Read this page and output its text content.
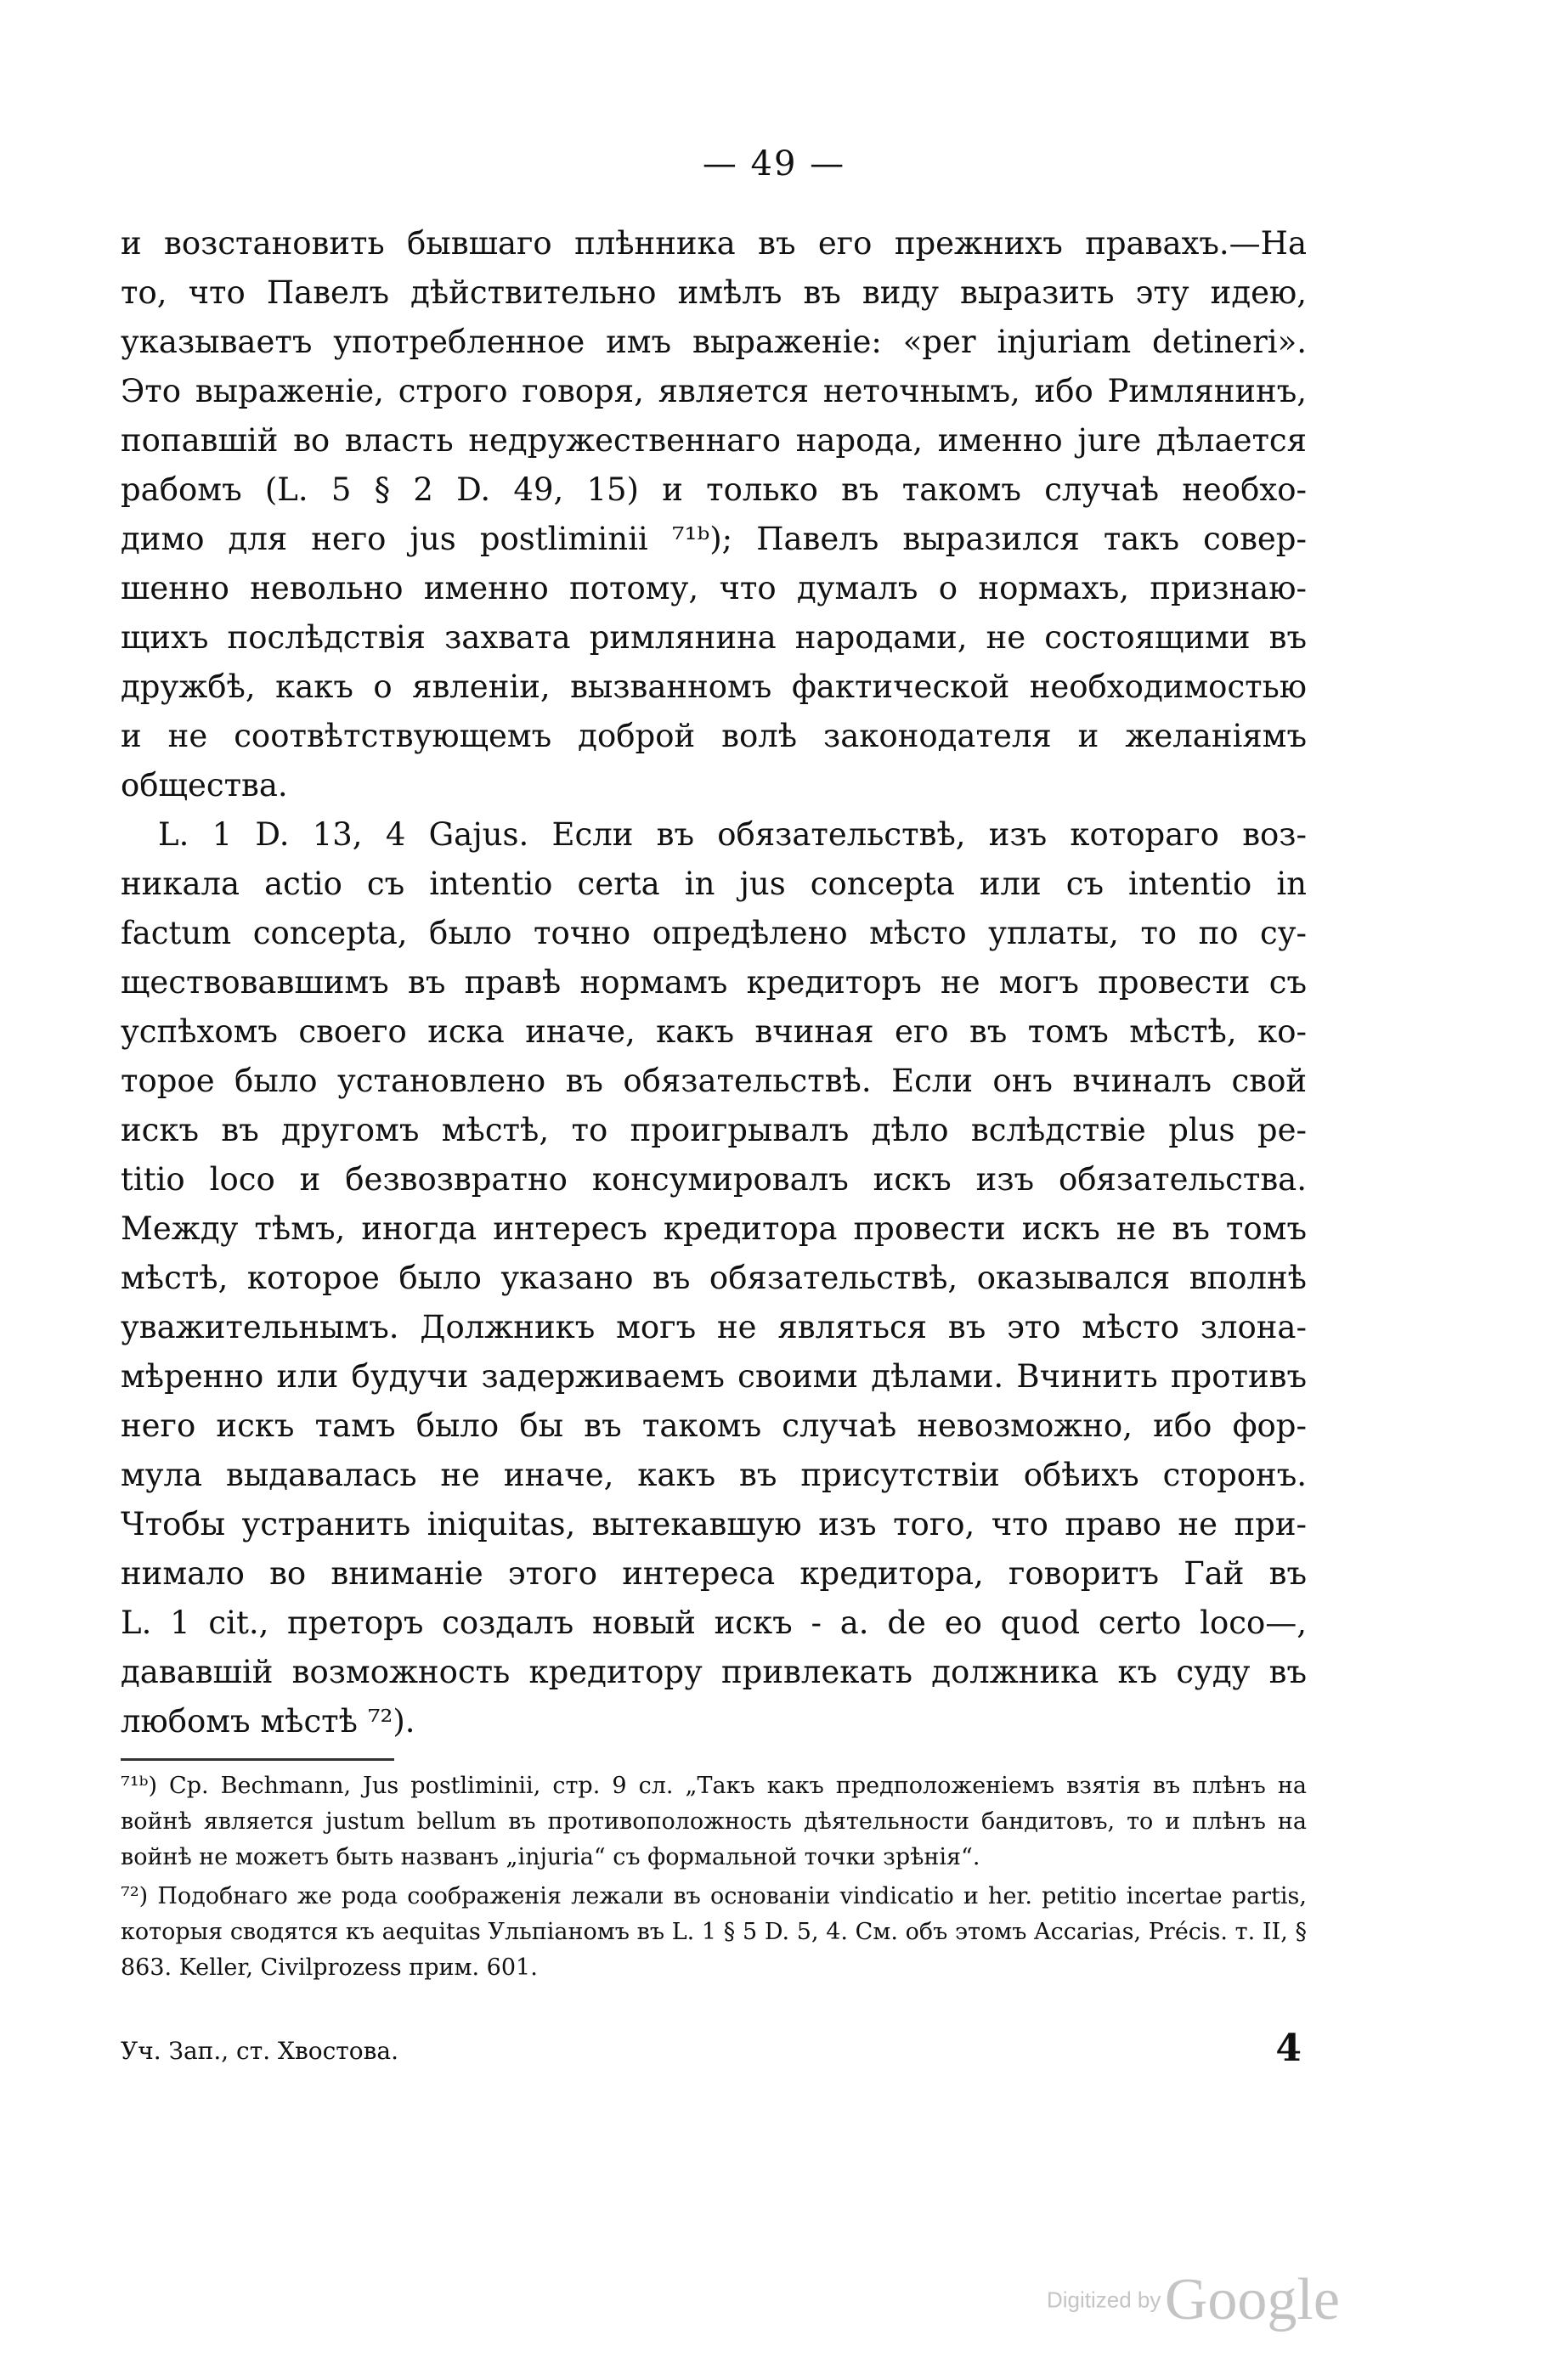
— 49 —
и возстановить бывшаго плѣнника въ его прежнихъ правахъ.—На
то, что Павелъ дѣйствительно имѣлъ въ виду выразить эту идею,
указываетъ употребленное имъ выраженіе: «per injuriam detineri».
Это выраженіе, строго говоря, является неточнымъ, ибо Римлянинъ,
попавшій во власть недружественнаго народа, именно jure дѣлается
рабомъ (L. 5 § 2 D. 49, 15) и только въ такомъ случаѣ необхо-
димо для него jus postliminii ⁷¹ᵇ); Павелъ выразился такъ совер-
шенно невольно именно потому, что думалъ о нормахъ, признаю-
щихъ послѣдствія захвата римлянина народами, не состоящими въ
дружбѣ, какъ о явленіи, вызванномъ фактической необходимостью
и не соотвѣтствующемъ доброй волѣ законодателя и желаніямъ
общества.
L. 1 D. 13, 4 Gajus. Если въ обязательствѣ, изъ котораго воз-
никала actio съ intentio certa in jus concepta или съ intentio in
factum concepta, было точно опредѣлено мѣсто уплаты, то по су-
ществовавшимъ въ правѣ нормамъ кредиторъ не могъ провести съ
успѣхомъ своего иска иначе, какъ вчиная его въ томъ мѣстѣ, ко-
торое было установлено въ обязательствѣ. Если онъ вчиналъ свой
искъ въ другомъ мѣстѣ, то проигрывалъ дѣло вслѣдствіе plus pe-
titio loco и безвозвратно консумировалъ искъ изъ обязательства.
Между тѣмъ, иногда интересъ кредитора провести искъ не въ томъ
мѣстѣ, которое было указано въ обязательствѣ, оказывался вполнѣ
уважительнымъ. Должникъ могъ не являться въ это мѣсто злона-
мѣренно или будучи задерживаемъ своими дѣлами. Вчинить противъ
него искъ тамъ было бы въ такомъ случаѣ невозможно, ибо фор-
мула выдавалась не иначе, какъ въ присутствіи обѣихъ сторонъ.
Чтобы устранить iniquitas, вытекавшую изъ того, что право не при-
нимало во вниманіе этого интереса кредитора, говоритъ Гай въ
L. 1 cit., преторъ создалъ новый искъ - a. de eo quod certo loco—,
дававшій возможность кредитору привлекать должника къ суду въ
любомъ мѣстѣ ⁷²).
⁷¹ᵇ) Ср. Bechmann, Jus postliminii, стр. 9 сл. „Такъ какъ предположеніемъ взятія въ плѣнъ на войнѣ является justum bellum въ противоположность дѣятельности бандитовъ, то и плѣнъ на войнѣ не можетъ быть названъ „injuria“ съ формальной точки зрѣнія“.
⁷²) Подобнаго же рода соображенія лежали въ основаніи vindicatio и her. petitio incertae partis, которыя сводятся къ aequitas Ульпіаномъ въ L. 1 § 5 D. 5, 4. См. объ этомъ Accarias, Précis. т. II, § 863. Keller, Civilprozess прим. 601.
Уч. Зап., ст. Хвостова.	4
Digitized by Google
